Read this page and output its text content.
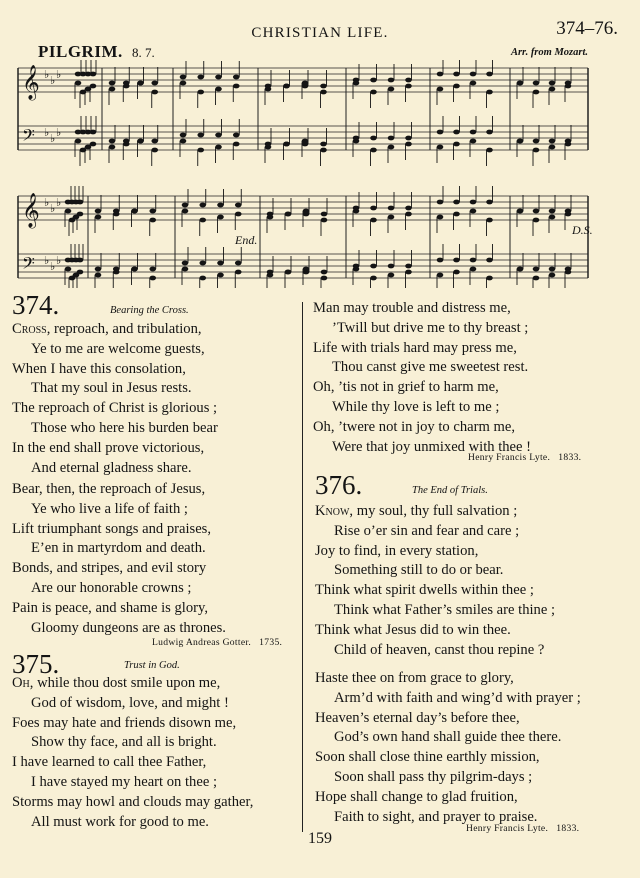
CHRISTIAN LIFE.	374–76.
PILGRIM. 8. 7.	Arr. from Mozart.
𝄞 ♭ ♭ ♭
𝄢 ♭ ♭ ♭
𝄞 ♭ ♭ ♭
𝄢 ♭ ♭ ♭
End.
D.S.
374.	Bearing the Cross.
Cross, reproach, and tribulation,
Ye to me are welcome guests,
When I have this consolation,
That my soul in Jesus rests.
The reproach of Christ is glorious ;
Those who here his burden bear
In the end shall prove victorious,
And eternal gladness share.
Bear, then, the reproach of Jesus,
Ye who live a life of faith ;
Lift triumphant songs and praises,
E’en in martyrdom and death.
Bonds, and stripes, and evil story
Are our honorable crowns ;
Pain is peace, and shame is glory,
Gloomy dungeons are as thrones.
Ludwig Andreas Gotter. 1735.
375.	Trust in God.
Oh, while thou dost smile upon me,
God of wisdom, love, and might !
Foes may hate and friends disown me,
Show thy face, and all is bright.
I have learned to call thee Father,
I have stayed my heart on thee ;
Storms may howl and clouds may gather,
All must work for good to me.
Man may trouble and distress me,
’Twill but drive me to thy breast ;
Life with trials hard may press me,
Thou canst give me sweetest rest.
Oh, ’tis not in grief to harm me,
While thy love is left to me ;
Oh, ’twere not in joy to charm me,
Were that joy unmixed with thee !
Henry Francis Lyte. 1833.
376.	The End of Trials.
Know, my soul, thy full salvation ;
Rise o’er sin and fear and care ;
Joy to find, in every station,
Something still to do or bear.
Think what spirit dwells within thee ;
Think what Father’s smiles are thine ;
Think what Jesus did to win thee.
Child of heaven, canst thou repine ?
Haste thee on from grace to glory,
Arm’d with faith and wing’d with prayer ;
Heaven’s eternal day’s before thee,
God’s own hand shall guide thee there.
Soon shall close thine earthly mission,
Soon shall pass thy pilgrim-days ;
Hope shall change to glad fruition,
Faith to sight, and prayer to praise.
Henry Francis Lyte. 1833.
159
